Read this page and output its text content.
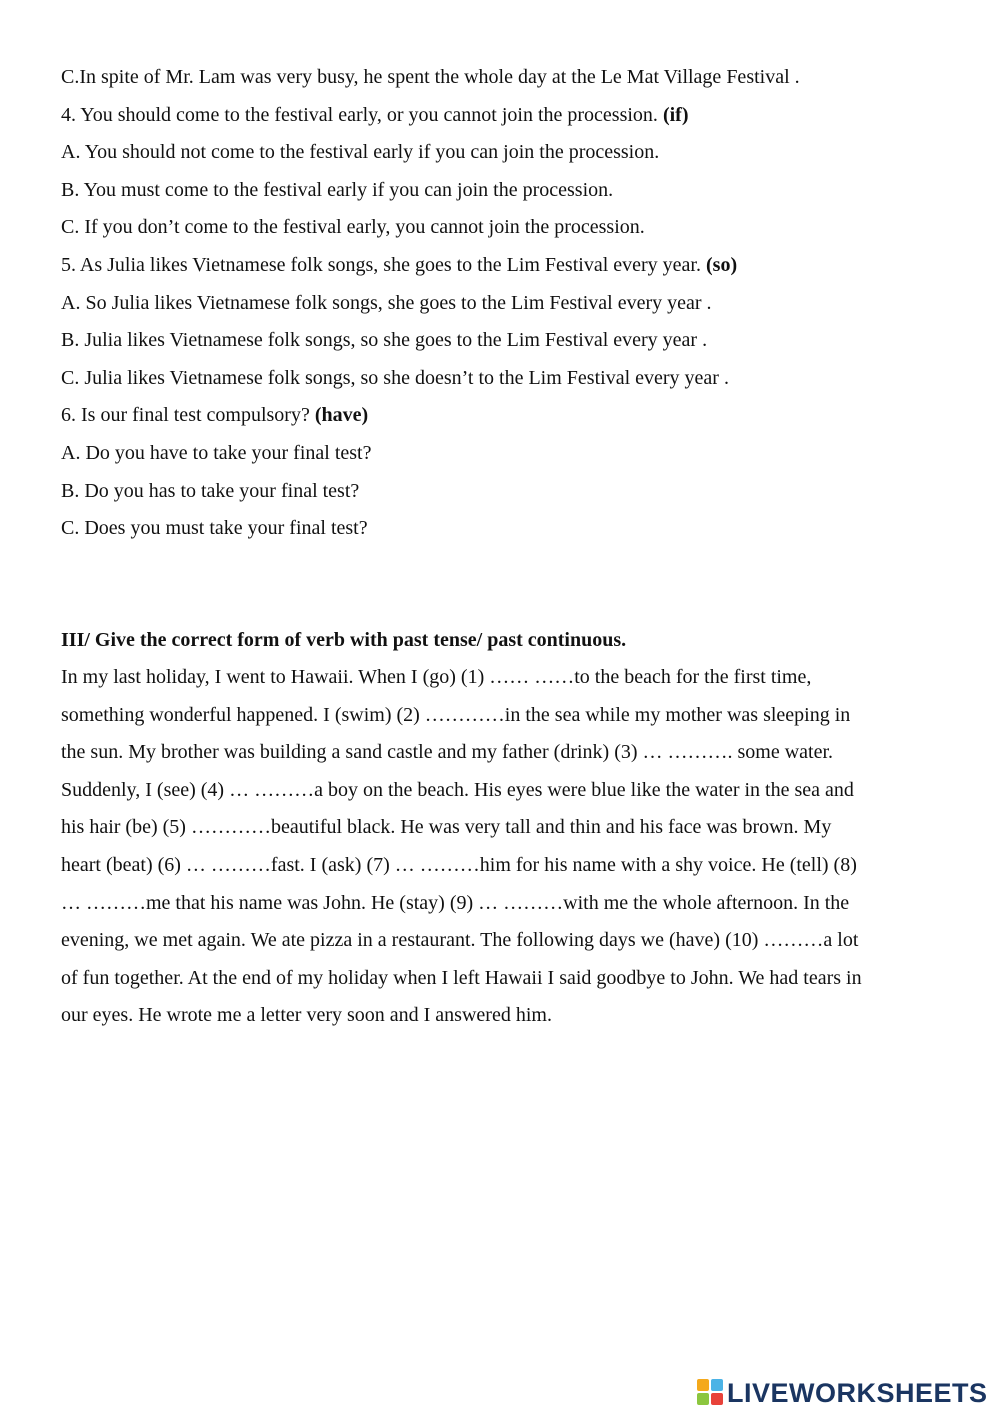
C.In spite of Mr. Lam was very busy, he spent the whole day at the Le Mat Village Festival .
4. You should come to the festival early, or you cannot join the procession. (if)
A. You should not come to the festival early if you can join the procession.
B. You must come to the festival early if you can join the procession.
C. If you don’t come to the festival early, you cannot join the procession.
5. As Julia likes Vietnamese folk songs, she goes to the Lim Festival every year. (so)
A. So Julia likes Vietnamese folk songs, she goes to the Lim Festival every year .
B. Julia likes Vietnamese folk songs, so she goes to the Lim Festival every year .
C. Julia likes Vietnamese folk songs, so she doesn’t to the Lim Festival every year .
6. Is our final test compulsory? (have)
A. Do you have to take your final test?
B. Do you has to take your final test?
C. Does you must take your final test?
III/ Give the correct form of verb with past tense/ past continuous.
In my last holiday, I went to Hawaii. When I (go) (1) …… ……to the beach for the first time,
something wonderful happened. I (swim) (2) …………in the sea while my mother was sleeping in
the sun. My brother was building a sand castle and my father (drink) (3) … ………. some water.
Suddenly, I (see) (4) … ………a boy on the beach. His eyes were blue like the water in the sea and
his hair (be) (5) …………beautiful black. He was very tall and thin and his face was brown. My
heart (beat) (6) … ………fast. I (ask) (7) … ………him for his name with a shy voice. He (tell) (8)
… ………me that his name was John. He (stay) (9) … ………with me the whole afternoon. In the
evening, we met again. We ate pizza in a restaurant. The following days we (have) (10) ………a lot
of fun together. At the end of my holiday when I left Hawaii I said goodbye to John. We had tears in
our eyes. He wrote me a letter very soon and I answered him.
LIVEWORKSHEETS
